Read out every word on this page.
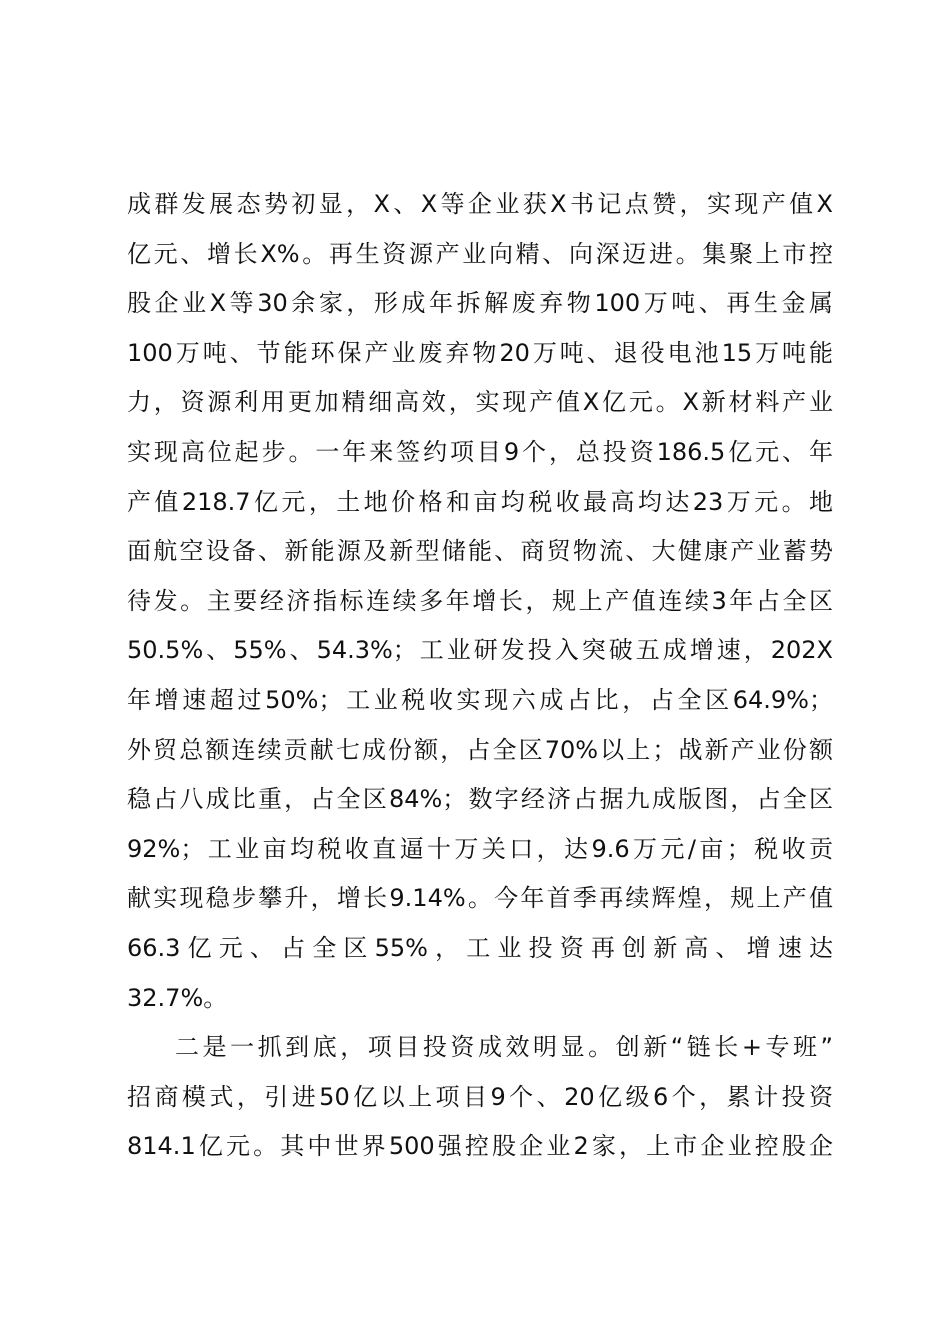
成群发展态势初显，X、X等企业获X书记点赞，实现产值X
亿元、增长X%。再生资源产业向精、向深迈进。集聚上市控
股企业X等30余家，形成年拆解废弃物100万吨、再生金属
100万吨、节能环保产业废弃物20万吨、退役电池15万吨能
力，资源利用更加精细高效，实现产值X亿元。X新材料产业
实现高位起步。一年来签约项目9个，总投资186.5亿元、年
产值218.7亿元，土地价格和亩均税收最高均达23万元。地
面航空设备、新能源及新型储能、商贸物流、大健康产业蓄势
待发。主要经济指标连续多年增长，规上产值连续3年占全区
50.5%、55%、54.3%；工业研发投入突破五成增速，202X
年增速超过50%；工业税收实现六成占比，占全区64.9%；
外贸总额连续贡献七成份额，占全区70%以上；战新产业份额
稳占八成比重，占全区84%；数字经济占据九成版图，占全区
92%；工业亩均税收直逼十万关口，达9.6万元/亩；税收贡
献实现稳步攀升，增长9.14%。今年首季再续辉煌，规上产值
66.3亿元、占全区55%，工业投资再创新高、增速达
32.7%。
二是一抓到底，项目投资成效明显。创新“链长+专班”
招商模式，引进50亿以上项目9个、20亿级6个，累计投资
814.1亿元。其中世界500强控股企业2家，上市企业控股企
